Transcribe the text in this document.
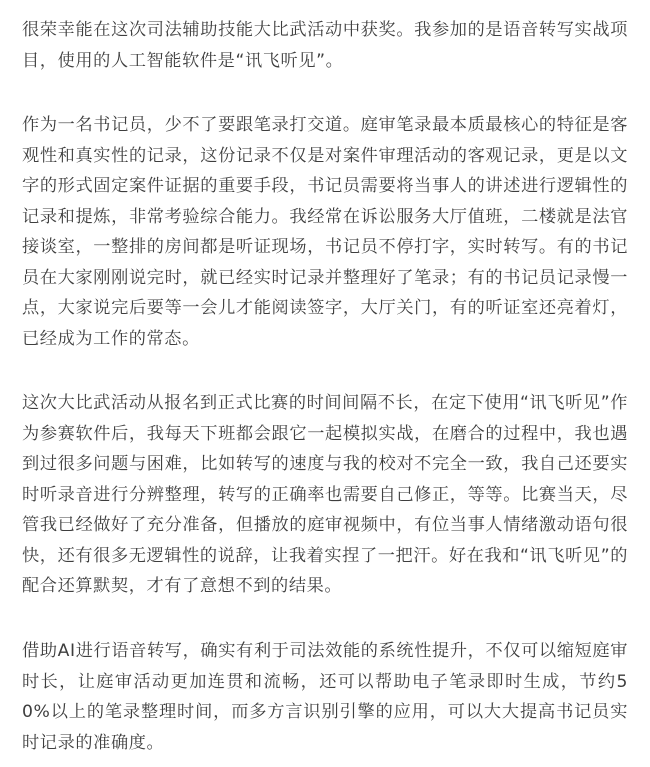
很荣幸能在这次司法辅助技能大比武活动中获奖。我参加的是语音转写实战项目，使用的人工智能软件是“讯飞听见”。

作为一名书记员，少不了要跟笔录打交道。庭审笔录最本质最核心的特征是客观性和真实性的记录，这份记录不仅是对案件审理活动的客观记录，更是以文字的形式固定案件证据的重要手段，书记员需要将当事人的讲述进行逻辑性的记录和提炼，非常考验综合能力。我经常在诉讼服务大厅值班，二楼就是法官接谈室，一整排的房间都是听证现场，书记员不停打字，实时转写。有的书记员在大家刚刚说完时，就已经实时记录并整理好了笔录；有的书记员记录慢一点，大家说完后要等一会儿才能阅读签字，大厅关门，有的听证室还亮着灯，已经成为工作的常态。

这次大比武活动从报名到正式比赛的时间间隔不长，在定下使用“讯飞听见”作为参赛软件后，我每天下班都会跟它一起模拟实战，在磨合的过程中，我也遇到过很多问题与困难，比如转写的速度与我的校对不完全一致，我自己还要实时听录音进行分辨整理，转写的正确率也需要自己修正，等等。比赛当天，尽管我已经做好了充分准备，但播放的庭审视频中，有位当事人情绪激动语句很快，还有很多无逻辑性的说辞，让我着实捏了一把汗。好在我和“讯飞听见”的配合还算默契，才有了意想不到的结果。

借助AI进行语音转写，确实有利于司法效能的系统性提升，不仅可以缩短庭审时长，让庭审活动更加连贯和流畅，还可以帮助电子笔录即时生成，节约50%以上的笔录整理时间，而多方言识别引擎的应用，可以大大提高书记员实时记录的准确度。
